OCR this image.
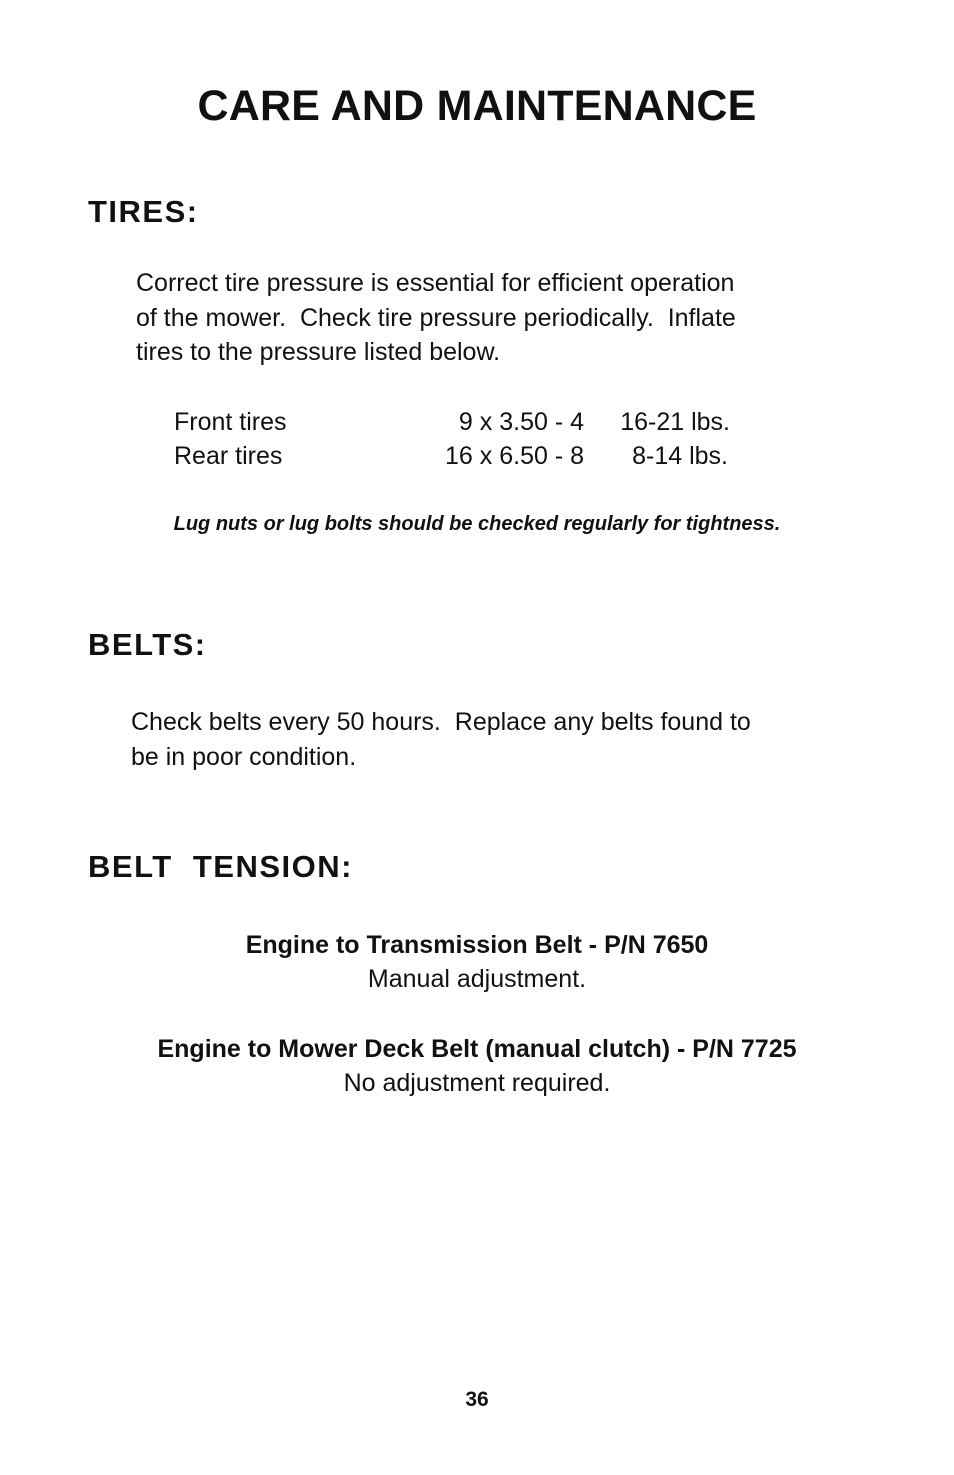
CARE AND MAINTENANCE
TIRES:
Correct tire pressure is essential for efficient operation
of the mower.  Check tire pressure periodically.  Inflate
tires to the pressure listed below.
Front tires	9 x 3.50 - 4 16-21 lbs.
Rear tires	16 x 6.50 - 8 8-14 lbs.

Lug nuts or lug bolts should be checked regularly for tightness.

BELTS:
Check belts every 50 hours.  Replace any belts found to
be in poor condition.
BELT  TENSION:
Engine to Transmission Belt - P/N 7650
Manual adjustment.
Engine to Mower Deck Belt (manual clutch) - P/N 7725
No adjustment required.
36
